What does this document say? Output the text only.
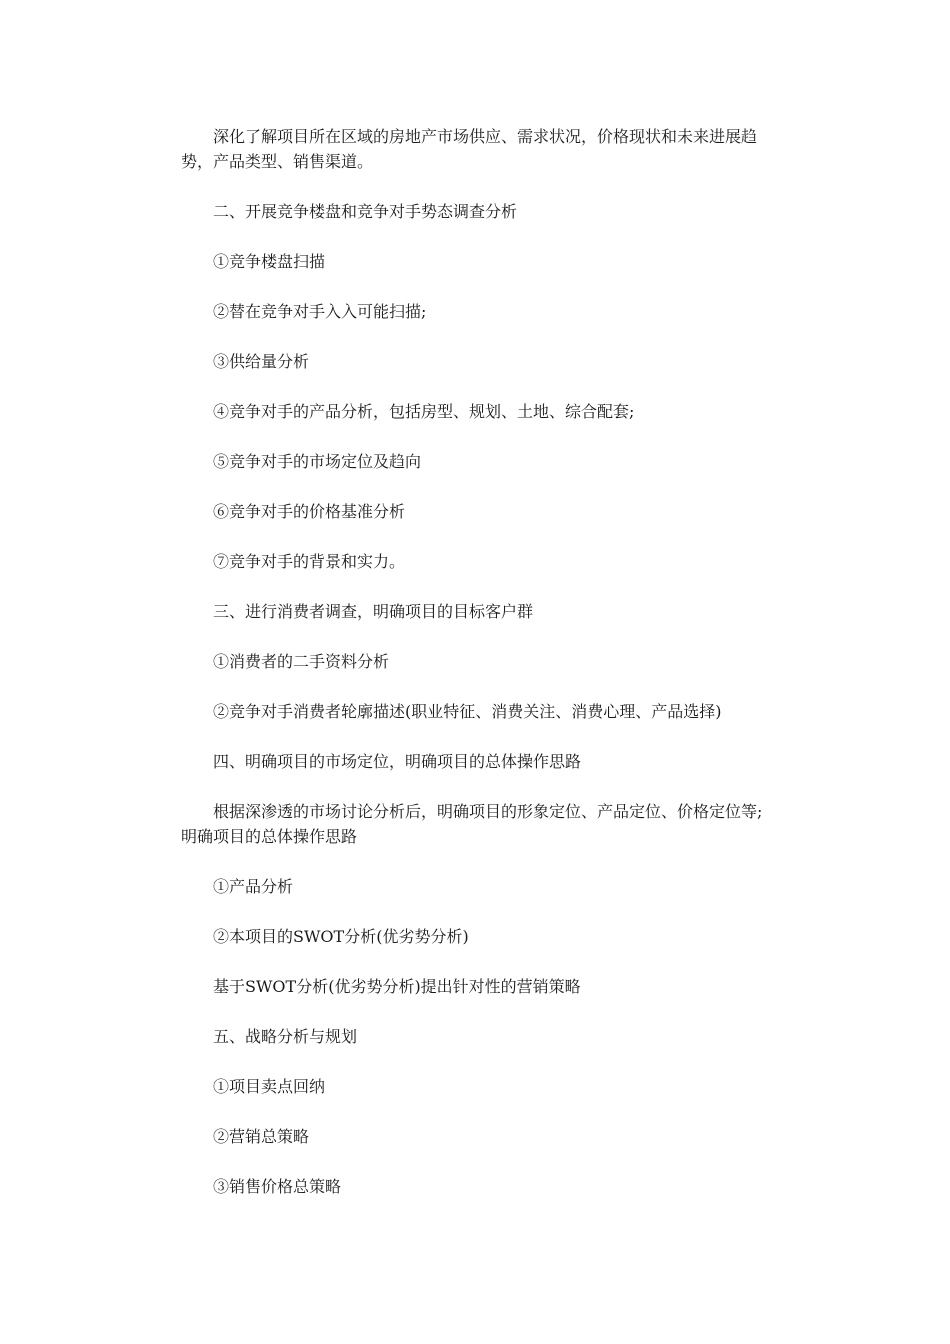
深化了解项目所在区域的房地产市场供应、需求状况，价格现状和未来进展趋势，产品类型、销售渠道。

二、开展竞争楼盘和竞争对手势态调查分析

①竞争楼盘扫描

②替在竞争对手入入可能扫描;

③供给量分析

④竞争对手的产品分析，包括房型、规划、土地、综合配套;

⑤竞争对手的市场定位及趋向

⑥竞争对手的价格基准分析

⑦竞争对手的背景和实力。

三、进行消费者调查，明确项目的目标客户群

①消费者的二手资料分析

②竞争对手消费者轮廓描述(职业特征、消费关注、消费心理、产品选择)

四、明确项目的市场定位，明确项目的总体操作思路

根据深渗透的市场讨论分析后，明确项目的形象定位、产品定位、价格定位等;明确项目的总体操作思路

①产品分析

②本项目的SWOT分析(优劣势分析)

基于SWOT分析(优劣势分析)提出针对性的营销策略

五、战略分析与规划

①项目卖点回纳

②营销总策略

③销售价格总策略
